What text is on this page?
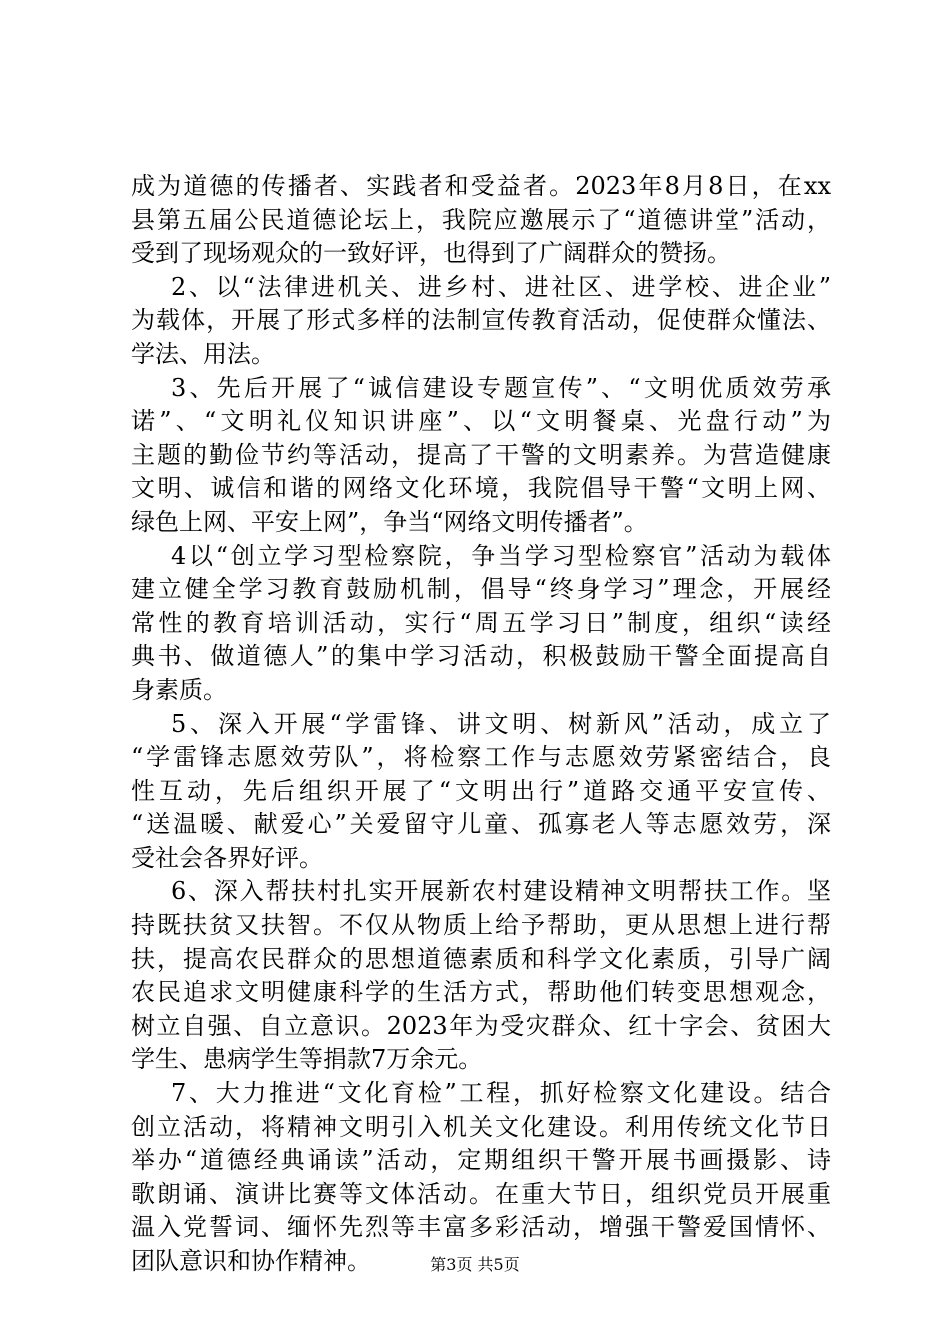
成为道德的传播者、实践者和受益者。2023年8月8日，在xx
县第五届公民道德论坛上，我院应邀展示了“道德讲堂”活动，
受到了现场观众的一致好评，也得到了广阔群众的赞扬。
2、以“法律进机关、进乡村、进社区、进学校、进企业”
为载体，开展了形式多样的法制宣传教育活动，促使群众懂法、
学法、用法。
3、先后开展了“诚信建设专题宣传”、“文明优质效劳承
诺”、“文明礼仪知识讲座”、以“文明餐桌、光盘行动”为
主题的勤俭节约等活动，提高了干警的文明素养。为营造健康
文明、诚信和谐的网络文化环境，我院倡导干警“文明上网、
绿色上网、平安上网”，争当“网络文明传播者”。
4以“创立学习型检察院，争当学习型检察官”活动为载体
建立健全学习教育鼓励机制，倡导“终身学习”理念，开展经
常性的教育培训活动，实行“周五学习日”制度，组织“读经
典书、做道德人”的集中学习活动，积极鼓励干警全面提高自
身素质。
5、深入开展“学雷锋、讲文明、树新风”活动，成立了
“学雷锋志愿效劳队”，将检察工作与志愿效劳紧密结合，良
性互动，先后组织开展了“文明出行”道路交通平安宣传、
“送温暖、献爱心”关爱留守儿童、孤寡老人等志愿效劳，深
受社会各界好评。
6、深入帮扶村扎实开展新农村建设精神文明帮扶工作。坚
持既扶贫又扶智。不仅从物质上给予帮助，更从思想上进行帮
扶，提高农民群众的思想道德素质和科学文化素质，引导广阔
农民追求文明健康科学的生活方式，帮助他们转变思想观念，
树立自强、自立意识。2023年为受灾群众、红十字会、贫困大
学生、患病学生等捐款7万余元。
7、大力推进“文化育检”工程，抓好检察文化建设。结合
创立活动，将精神文明引入机关文化建设。利用传统文化节日
举办“道德经典诵读”活动，定期组织干警开展书画摄影、诗
歌朗诵、演讲比赛等文体活动。在重大节日，组织党员开展重
温入党誓词、缅怀先烈等丰富多彩活动，增强干警爱国情怀、
团队意识和协作精神。	第3页 共5页
